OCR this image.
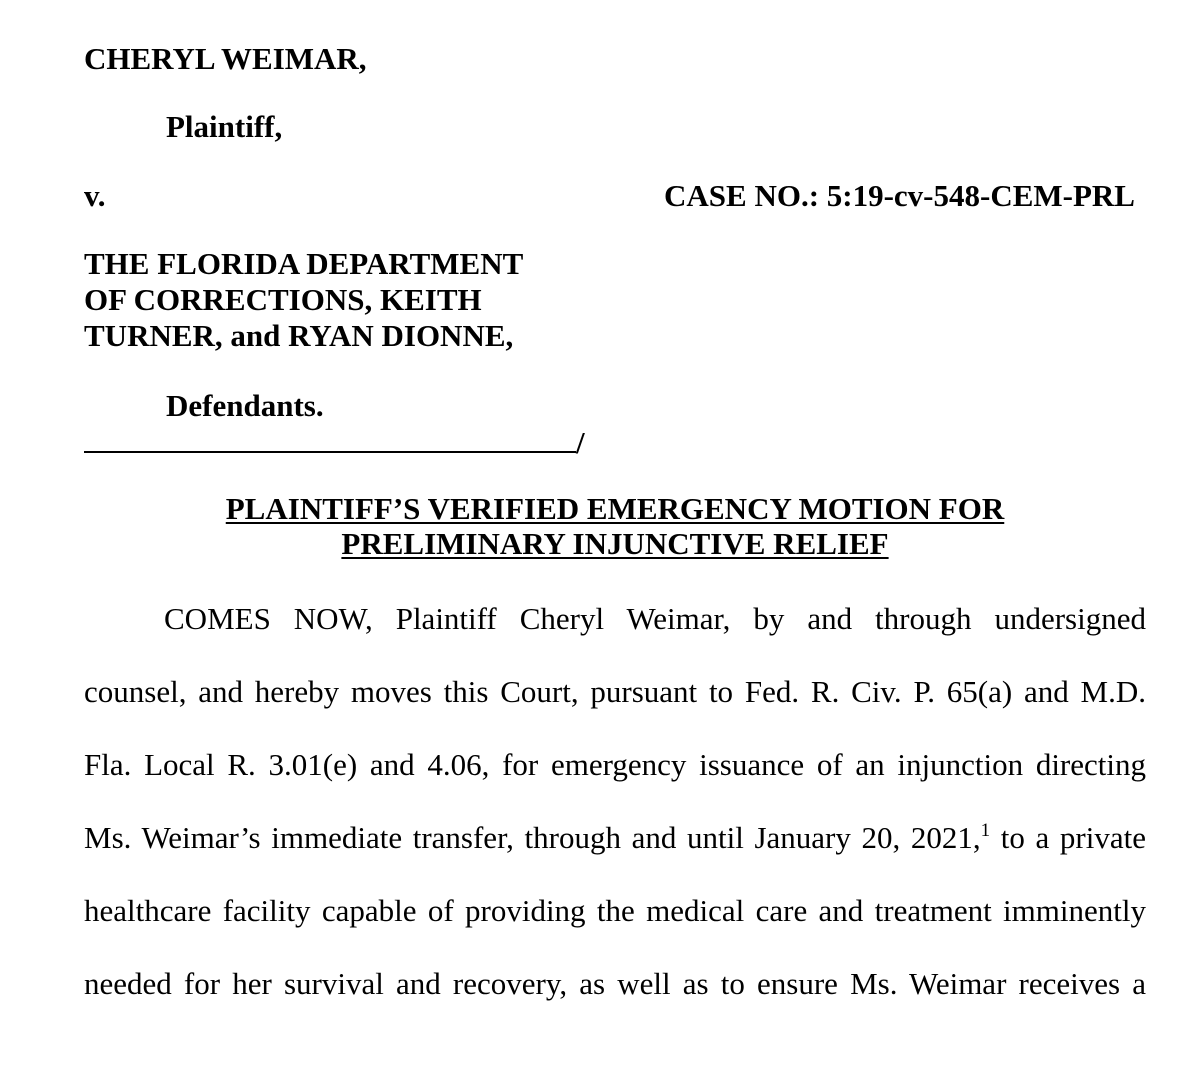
CHERYL WEIMAR,
Plaintiff,
v.	CASE NO.: 5:19-cv-548-CEM-PRL
THE FLORIDA DEPARTMENT
OF CORRECTIONS, KEITH
TURNER, and RYAN DIONNE,
Defendants.
/
PLAINTIFF’S VERIFIED EMERGENCY MOTION FOR
PRELIMINARY INJUNCTIVE RELIEF
COMES NOW, Plaintiff Cheryl Weimar, by and through undersigned
counsel, and hereby moves this Court, pursuant to Fed. R. Civ. P. 65(a) and M.D.
Fla. Local R. 3.01(e) and 4.06, for emergency issuance of an injunction directing
Ms. Weimar’s immediate transfer, through and until January 20, 2021,$^1$ to a private
healthcare facility capable of providing the medical care and treatment imminently
needed for her survival and recovery, as well as to ensure Ms. Weimar receives a
